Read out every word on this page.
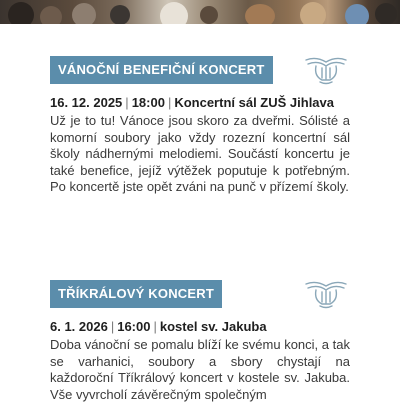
VÁNOČNÍ BENEFIČNÍ KONCERT
16. 12. 2025 | 18:00 | Koncertní sál ZUŠ Jihlava

Už je to tu! Vánoce jsou skoro za dveřmi. Sólisté a komorní soubory jako vždy rozezní koncertní sál školy nádhernými melodiemi. Součástí koncertu je také benefice, jejíž výtěžek poputuje k potřebným. Po koncertě jste opět zváni na punč v přízemí školy.

TŘÍKRÁLOVÝ KONCERT
6. 1. 2026 | 16:00 | kostel sv. Jakuba

Doba vánoční se pomalu blíží ke svému konci, a tak se varhanici, soubory a sbory chystají na každoroční Tříkrálový koncert v kostele sv. Jakuba. Vše vyvrcholí závěrečným společným
